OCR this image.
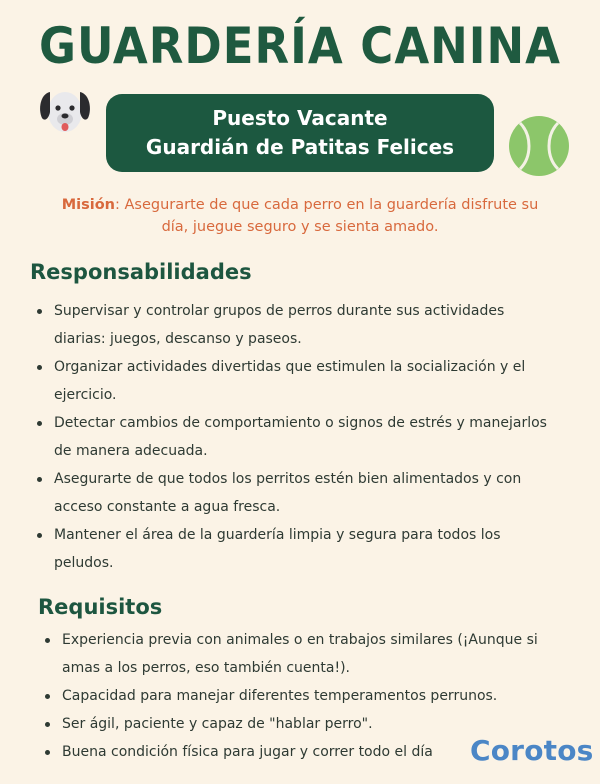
GUARDERÍA CANINA
Puesto Vacante
Guardián de Patitas Felices
Misión: Asegurarte de que cada perro en la guardería disfrute su día, juegue seguro y se sienta amado.
Responsabilidades
Supervisar y controlar grupos de perros durante sus actividades diarias: juegos, descanso y paseos.
Organizar actividades divertidas que estimulen la socialización y el ejercicio.
Detectar cambios de comportamiento o signos de estrés y manejarlos de manera adecuada.
Asegurarte de que todos los perritos estén bien alimentados y con acceso constante a agua fresca.
Mantener el área de la guardería limpia y segura para todos los peludos.
Requisitos
Experiencia previa con animales o en trabajos similares (¡Aunque si amas a los perros, eso también cuenta!).
Capacidad para manejar diferentes temperamentos perrunos.
Ser ágil, paciente y capaz de "hablar perro".
Buena condición física para jugar y correr todo el día	Corotos
